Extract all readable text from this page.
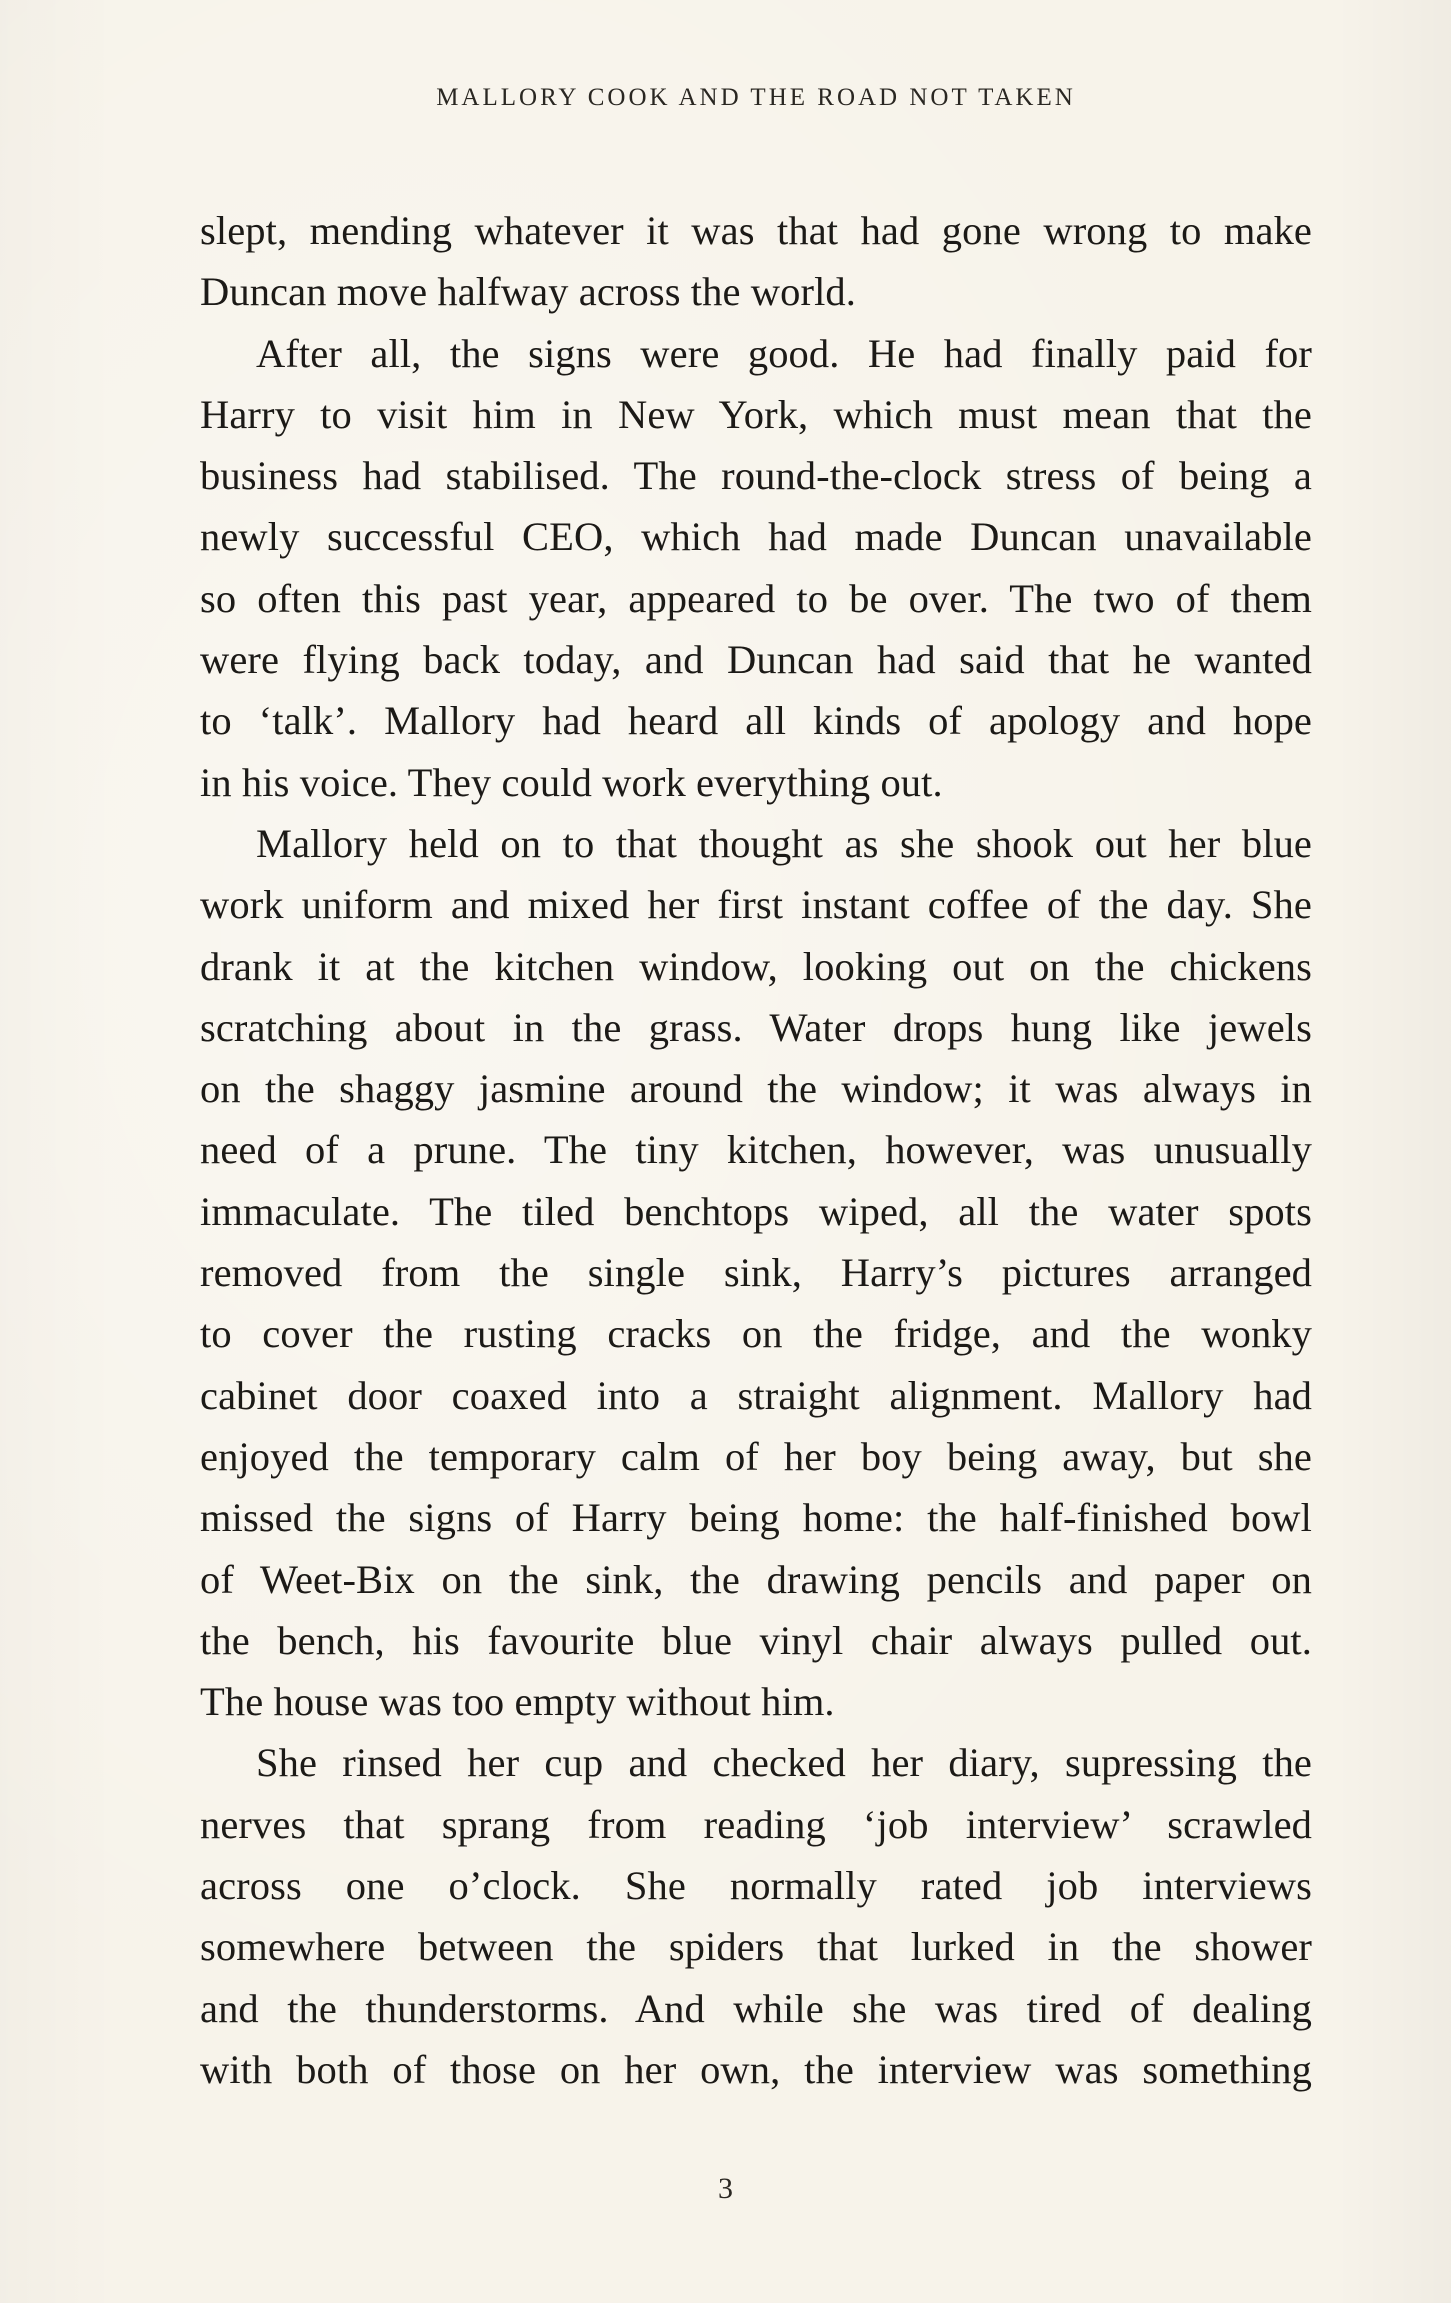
MALLORY COOK AND THE ROAD NOT TAKEN
slept, mending whatever it was that had gone wrong to make
Duncan move halfway across the world.
After all, the signs were good. He had finally paid for
Harry to visit him in New York, which must mean that the
business had stabilised. The round-the-clock stress of being a
newly successful CEO, which had made Duncan unavailable
so often this past year, appeared to be over. The two of them
were flying back today, and Duncan had said that he wanted
to ‘talk’. Mallory had heard all kinds of apology and hope
in his voice. They could work everything out.
Mallory held on to that thought as she shook out her blue
work uniform and mixed her first instant coffee of the day. She
drank it at the kitchen window, looking out on the chickens
scratching about in the grass. Water drops hung like jewels
on the shaggy jasmine around the window; it was always in
need of a prune. The tiny kitchen, however, was unusually
immaculate. The tiled benchtops wiped, all the water spots
removed from the single sink, Harry’s pictures arranged
to cover the rusting cracks on the fridge, and the wonky
cabinet door coaxed into a straight alignment. Mallory had
enjoyed the temporary calm of her boy being away, but she
missed the signs of Harry being home: the half-finished bowl
of Weet-Bix on the sink, the drawing pencils and paper on
the bench, his favourite blue vinyl chair always pulled out.
The house was too empty without him.
She rinsed her cup and checked her diary, supressing the
nerves that sprang from reading ‘job interview’ scrawled
across one o’clock. She normally rated job interviews
somewhere between the spiders that lurked in the shower
and the thunderstorms. And while she was tired of dealing
with both of those on her own, the interview was something
3
